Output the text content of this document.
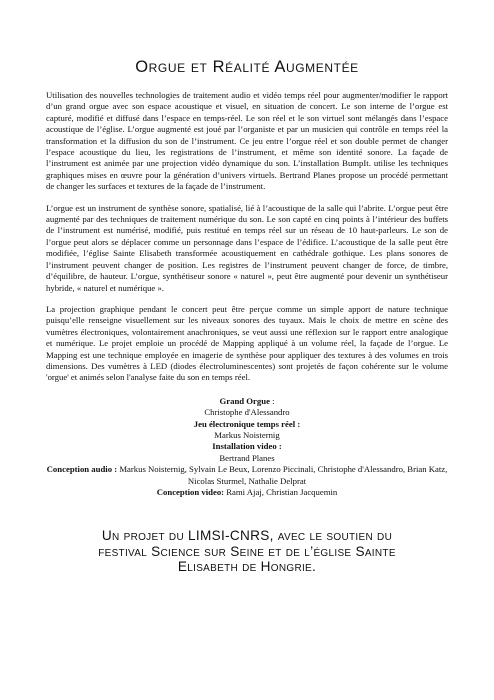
Orgue et Réalité Augmentée

Utilisation des nouvelles technologies de traitement audio et vidéo temps réel pour augmenter/modifier le rapport d’un grand orgue avec son espace acoustique et visuel, en situation de concert. Le son interne de l’orgue est capturé, modifié et diffusé dans l’espace en temps-réel. Le son réel et le son virtuel sont mélangés dans l’espace acoustique de l’église. L’orgue augmenté est joué par l’organiste et par un musicien qui contrôle en temps réel la transformation et la diffusion du son de l’instrument. Ce jeu entre l’orgue réel et son double permet de changer l’espace acoustique du lieu, les registrations de l’instrument, et même son identité sonore. La façade de l’instrument est animée par une projection vidéo dynamique du son. L’installation BumpIt. utilise les techniques graphiques mises en œuvre pour la génération d’univers virtuels. Bertrand Planes propose un procédé permettant de changer les surfaces et textures de la façade de l’instrument.

L’orgue est un instrument de synthèse sonore, spatialisé, lié à l’acoustique de la salle qui l’abrite. L’orgue peut être augmenté par des techniques de traitement numérique du son. Le son capté en cinq points à l’intérieur des buffets de l’instrument est numérisé, modifié, puis restitué en temps réel sur un réseau de 10 haut-parleurs. Le son de l’orgue peut alors se déplacer comme un personnage dans l’espace de l’édifice. L’acoustique de la salle peut être modifiée, l’église Sainte Elisabeth transformée acoustiquement en cathédrale gothique. Les plans sonores de l’instrument peuvent changer de position. Les registres de l’instrument peuvent changer de force, de timbre, d’équilibre, de hauteur. L’orgue, synthétiseur sonore « naturel », peut être augmenté pour devenir un synthétiseur hybride, « naturel et numérique ».

La projection graphique pendant le concert peut être perçue comme un simple apport de nature technique puisqu’elle renseigne visuellement sur les niveaux sonores des tuyaux. Mais le choix de mettre en scène des vumètres électroniques, volontairement anachroniques, se veut aussi une réflexion sur le rapport entre analogique et numérique. Le projet emploie un procédé de Mapping appliqué à un volume réel, la façade de l’orgue. Le Mapping est une technique employée en imagerie de synthèse pour appliquer des textures à des volumes en trois dimensions. Des vumètres à LED (diodes électroluminescentes) sont projetés de façon cohérente sur le volume 'orgue' et animés selon l'analyse faite du son en temps réel.

Grand Orgue :
Christophe d'Alessandro
Jeu électronique temps réel :
Markus Noisternig
Installation video :
Bertrand Planes
Conception audio : Markus Noisternig, Sylvain Le Beux, Lorenzo Piccinali, Christophe d'Alessandro, Brian Katz, Nicolas Sturmel, Nathalie Delprat
Conception video: Rami Ajaj, Christian Jacquemin
Un projet du LIMSI-CNRS, avec le soutien du
festival Science sur Seine et de l’église Sainte
Elisabeth de Hongrie.
